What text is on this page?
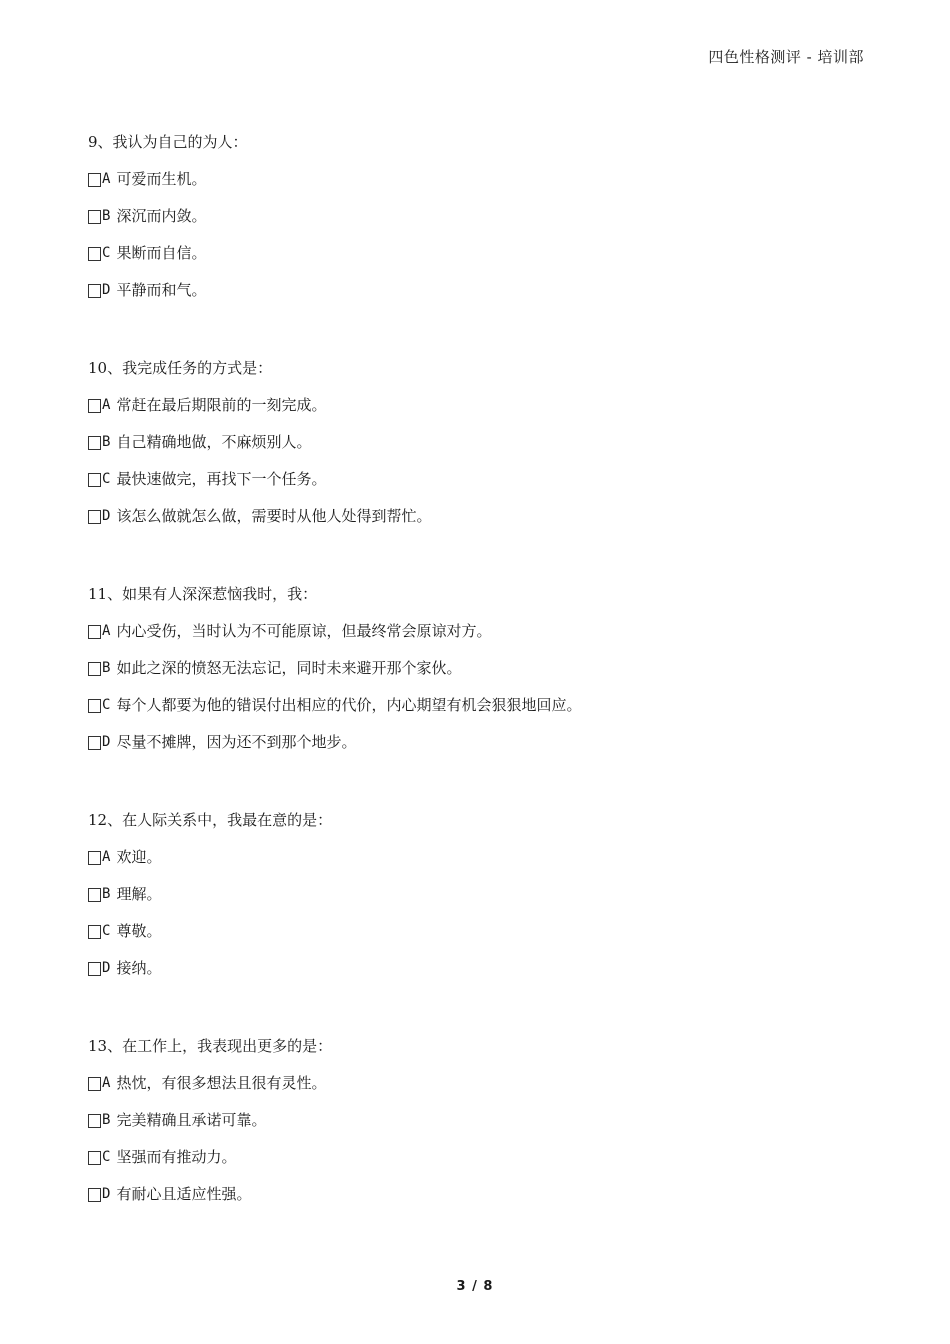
四色性格测评 - 培训部
9、我认为自己的为人：
A 可爱而生机。
B 深沉而内敛。
C 果断而自信。
D 平静而和气。
10、我完成任务的方式是：
A 常赶在最后期限前的一刻完成。
B 自己精确地做，不麻烦别人。
C 最快速做完，再找下一个任务。
D 该怎么做就怎么做，需要时从他人处得到帮忙。
11、如果有人深深惹恼我时，我：
A 内心受伤，当时认为不可能原谅，但最终常会原谅对方。
B 如此之深的愤怒无法忘记，同时未来避开那个家伙。
C 每个人都要为他的错误付出相应的代价，内心期望有机会狠狠地回应。
D 尽量不摊牌，因为还不到那个地步。
12、在人际关系中，我最在意的是：
A 欢迎。
B 理解。
C 尊敬。
D 接纳。
13、在工作上，我表现出更多的是：
A 热忱，有很多想法且很有灵性。
B 完美精确且承诺可靠。
C 坚强而有推动力。
D 有耐心且适应性强。
3 / 8
